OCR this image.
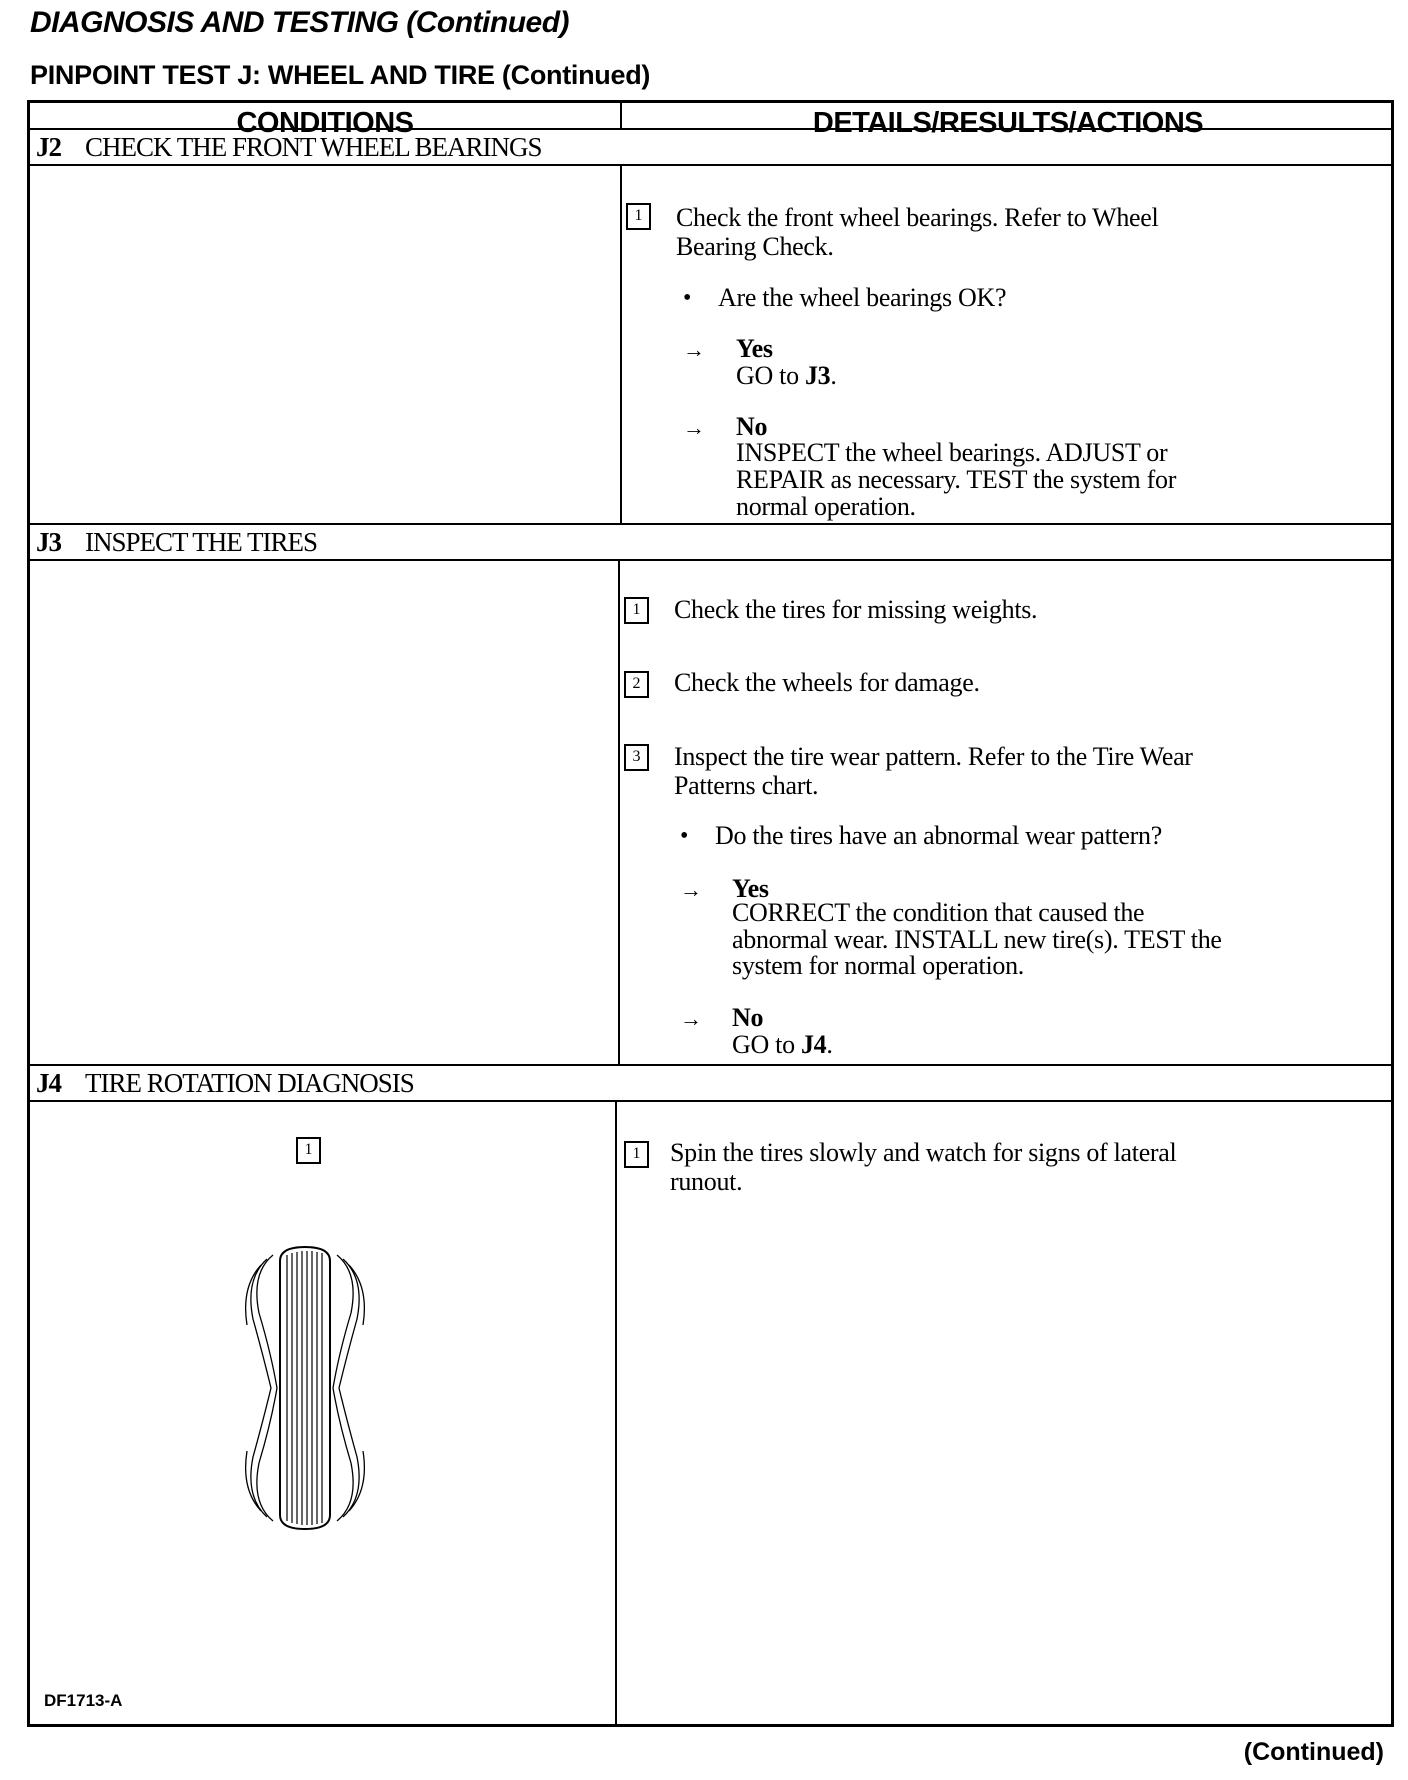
DIAGNOSIS AND TESTING (Continued)
PINPOINT TEST J: WHEEL AND TIRE (Continued)
CONDITIONS	DETAILS/RESULTS/ACTIONS
J2 CHECK THE FRONT WHEEL BEARINGS
1	Check the front wheel bearings. Refer to Wheel Bearing Check.
• Are the wheel bearings OK?
→ Yes
GO to J3.
→ No
INSPECT the wheel bearings. ADJUST or REPAIR as necessary. TEST the system for normal operation.
J3 INSPECT THE TIRES
1	Check the tires for missing weights.
2	Check the wheels for damage.
3	Inspect the tire wear pattern. Refer to the Tire Wear Patterns chart.
• Do the tires have an abnormal wear pattern?
→ Yes
CORRECT the condition that caused the abnormal wear. INSTALL new tire(s). TEST the system for normal operation.
→ No
GO to J4.
J4 TIRE ROTATION DIAGNOSIS
1
DF1713-A
1	Spin the tires slowly and watch for signs of lateral runout.
(Continued)
